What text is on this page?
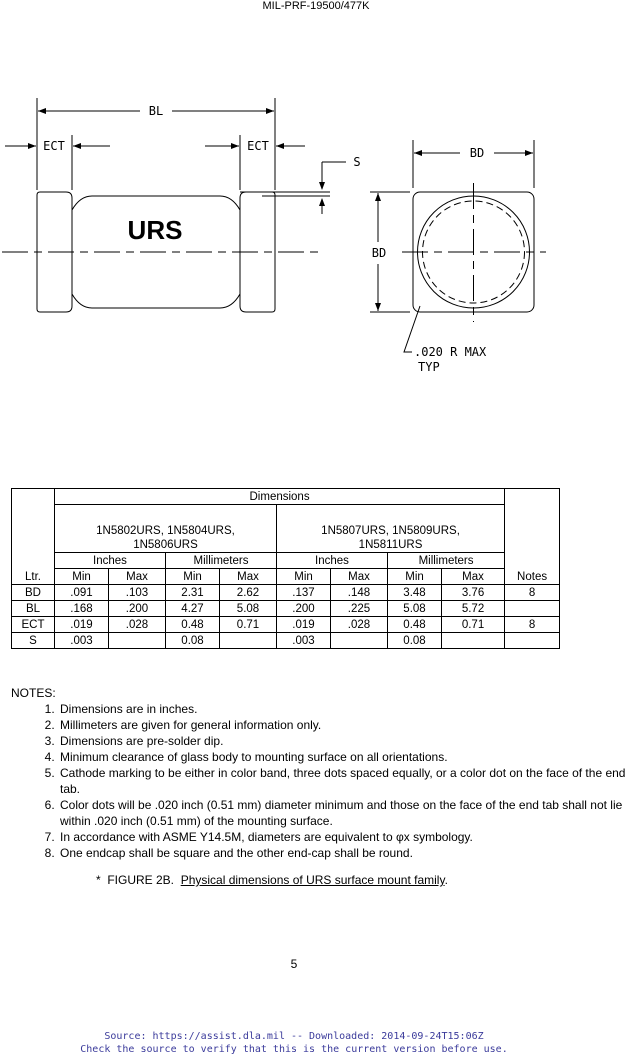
MIL-PRF-19500/477K
BL
ECT	ECT
S
BD
BD
.020 R MAX
TYP
URS
Ltr.	Dimensions								Notes
	1N5802URS, 1N5804URS, 1N5806URS				1N5807URS, 1N5809URS, 1N5811URS				
	Inches		Millimeters		Inches		Millimeters		
	Min	Max	Min	Max	Min	Max	Min	Max	
BD	.091	.103	2.31	2.62	.137	.148	3.48	3.76	8
BL	.168	.200	4.27	5.08	.200	.225	5.08	5.72	
ECT	.019	.028	0.48	0.71	.019	.028	0.48	0.71	8
S	.003		0.08		.003		0.08		
NOTES:
1. Dimensions are in inches.
2. Millimeters are given for general information only.
3. Dimensions are pre-solder dip.
4. Minimum clearance of glass body to mounting surface on all orientations.
5. Cathode marking to be either in color band, three dots spaced equally, or a color dot on the face of the end tab.
6. Color dots will be .020 inch (0.51 mm) diameter minimum and those on the face of the end tab shall not lie within .020 inch (0.51 mm) of the mounting surface.
7. In accordance with ASME Y14.5M, diameters are equivalent to φx symbology.
8. One endcap shall be square and the other end-cap shall be round.
*  FIGURE 2B.  Physical dimensions of URS surface mount family.
5
Source: https://assist.dla.mil -- Downloaded: 2014-09-24T15:06Z
Check the source to verify that this is the current version before use.
